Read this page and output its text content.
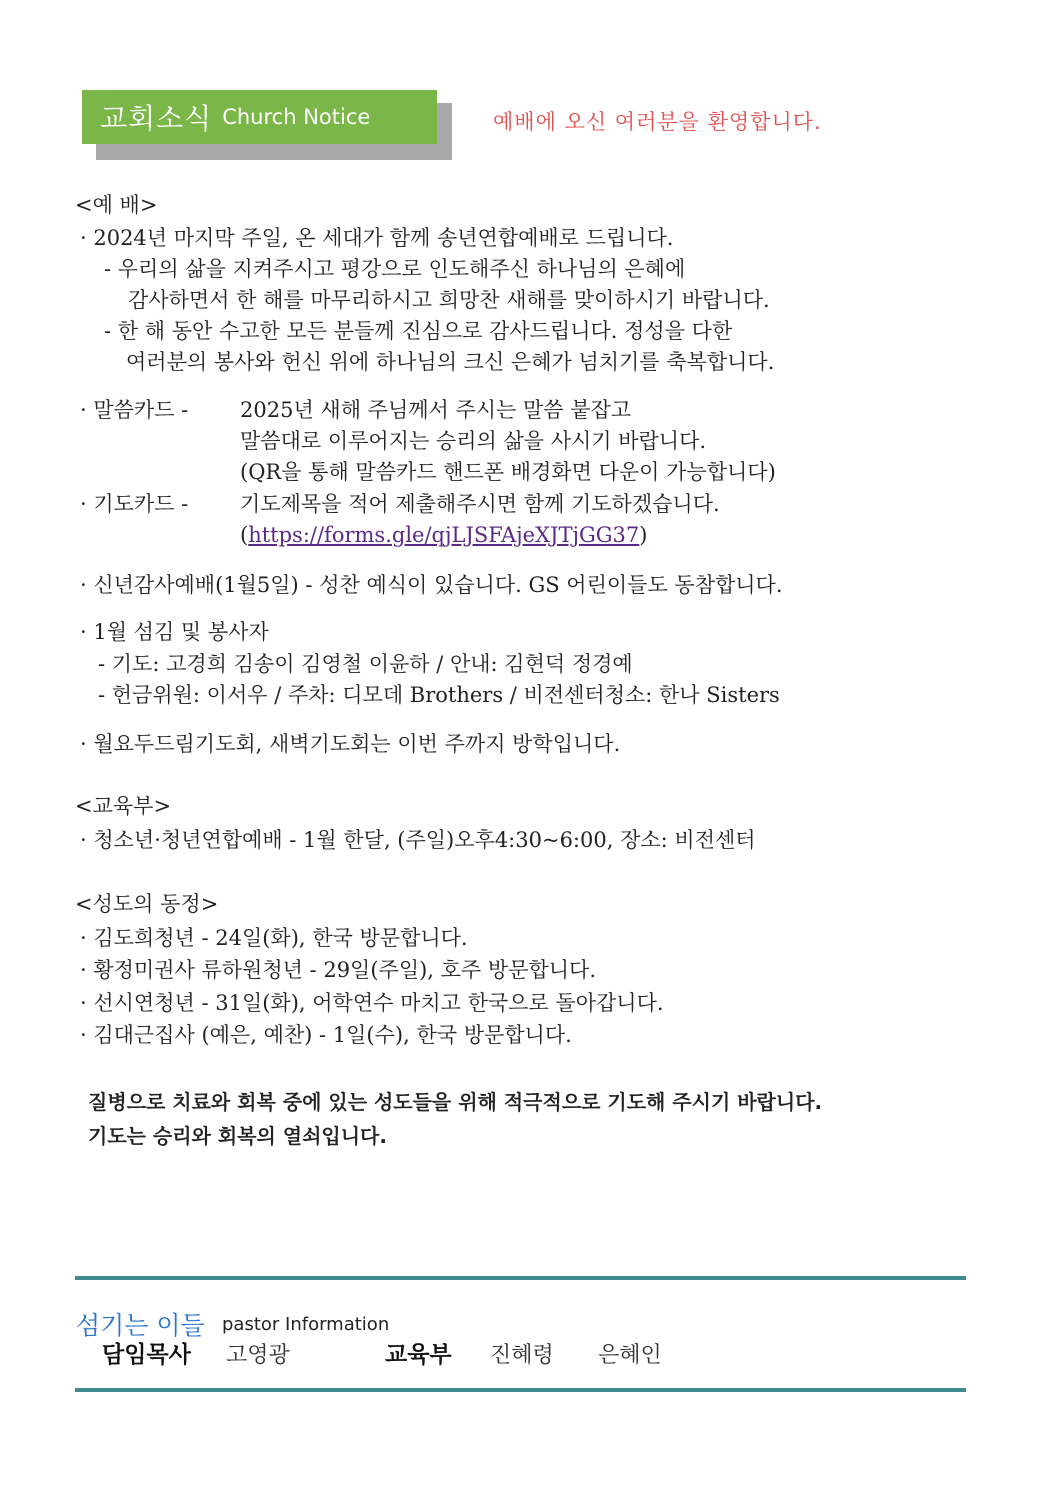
교회소식 Church Notice	예배에 오신 여러분을 환영합니다.
<예 배>
· 2024년 마지막 주일, 온 세대가 함께 송년연합예배로 드립니다.
- 우리의 삶을 지켜주시고 평강으로 인도해주신 하나님의 은혜에
감사하면서 한 해를 마무리하시고 희망찬 새해를 맞이하시기 바랍니다.
- 한 해 동안 수고한 모든 분들께 진심으로 감사드립니다. 정성을 다한
여러분의 봉사와 헌신 위에 하나님의 크신 은혜가 넘치기를 축복합니다.
· 말씀카드 - 2025년 새해 주님께서 주시는 말씀 붙잡고
말씀대로 이루어지는 승리의 삶을 사시기 바랍니다.
(QR을 통해 말씀카드 핸드폰 배경화면 다운이 가능합니다)
· 기도카드 - 기도제목을 적어 제출해주시면 함께 기도하겠습니다.
(https://forms.gle/qjLJSFAjeXJTjGG37)
· 신년감사예배(1월5일) - 성찬 예식이 있습니다. GS 어린이들도 동참합니다.
· 1월 섬김 및 봉사자
- 기도: 고경희 김송이 김영철 이윤하 / 안내: 김현덕 정경예
- 헌금위원: 이서우 / 주차: 디모데 Brothers / 비전센터청소: 한나 Sisters
· 월요두드림기도회, 새벽기도회는 이번 주까지 방학입니다.
<교육부>
· 청소년·청년연합예배 - 1월 한달, (주일)오후4:30~6:00, 장소: 비전센터
<성도의 동정>
· 김도희청년 - 24일(화), 한국 방문합니다.
· 황정미권사 류하원청년 - 29일(주일), 호주 방문합니다.
· 선시연청년 - 31일(화), 어학연수 마치고 한국으로 돌아갑니다.
· 김대근집사 (예은, 예찬) - 1일(수), 한국 방문합니다.
질병으로 치료와 회복 중에 있는 성도들을 위해 적극적으로 기도해 주시기 바랍니다.
기도는 승리와 회복의 열쇠입니다.
섬기는 이들 pastor Information
담임목사 고영광	교육부 진혜령 은혜인
